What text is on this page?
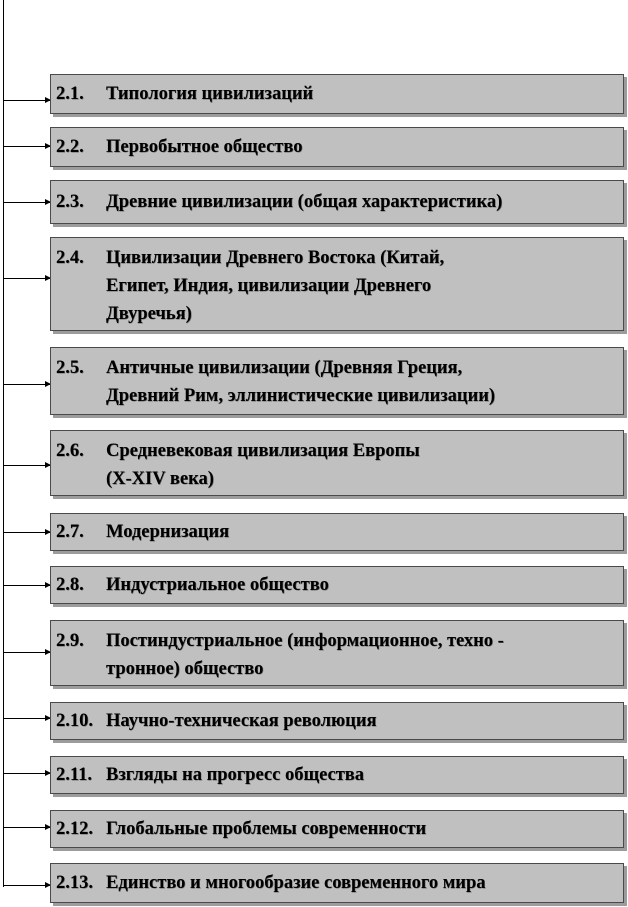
2.1. Типология цивилизаций
2.2. Первобытное общество
2.3. Древние цивилизации (общая характеристика)
2.4. Цивилизации Древнего Востока (Китай,
Египет, Индия, цивилизации Древнего
Двуречья)
2.5. Античные цивилизации (Древняя Греция,
Древний Рим, эллинистические цивилизации)
2.6. Средневековая цивилизация Европы
(X-XIV века)
2.7. Модернизация
2.8. Индустриальное общество
2.9. Постиндустриальное (информационное, техно -
тронное) общество
2.10. Научно-техническая революция
2.11. Взгляды на прогресс общества
2.12. Глобальные проблемы современности
2.13. Единство и многообразие современного мира
